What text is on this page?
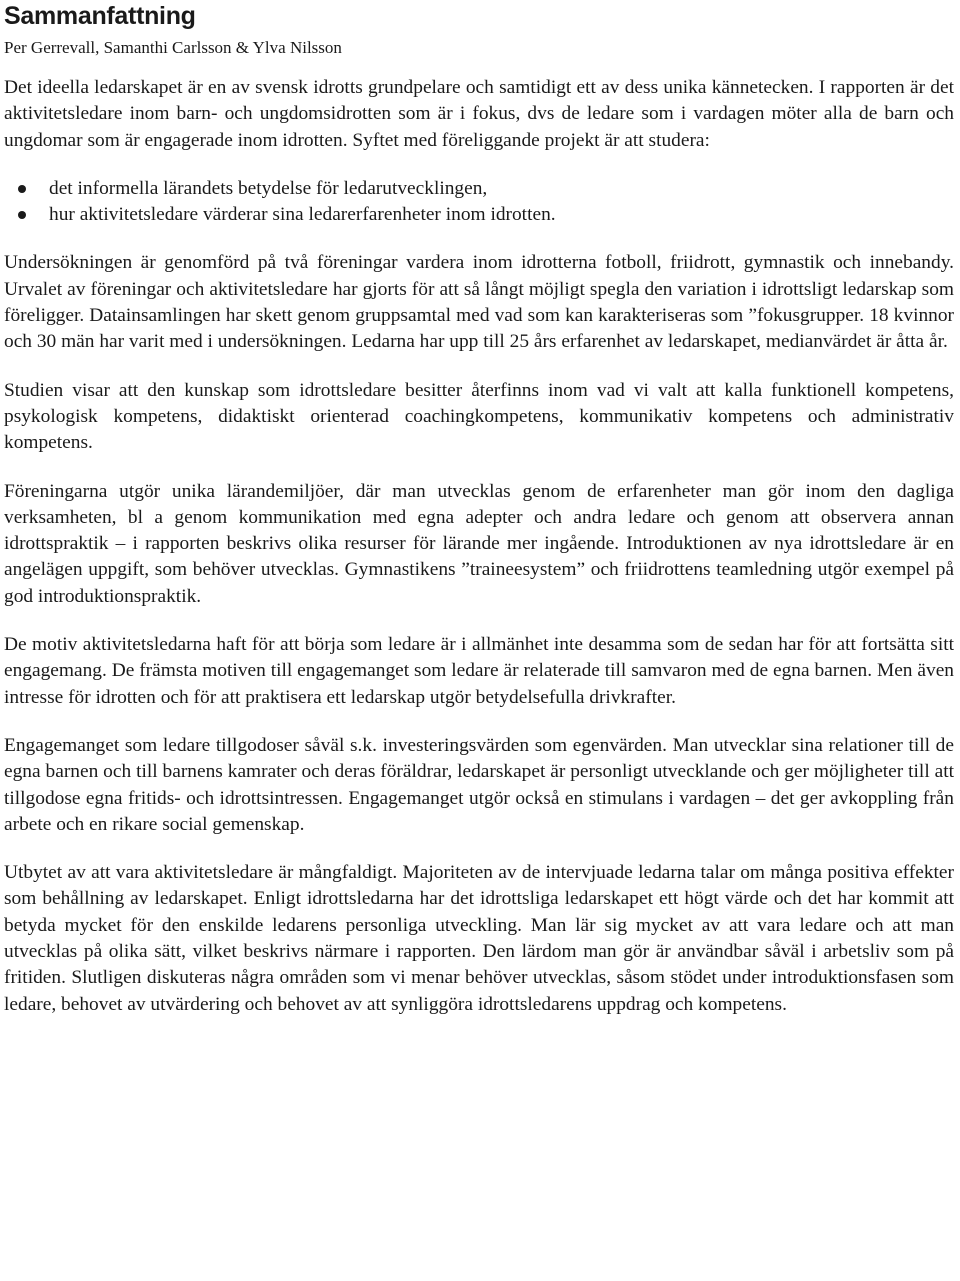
Sammanfattning

Per Gerrevall, Samanthi Carlsson & Ylva Nilsson

Det ideella ledarskapet är en av svensk idrotts grundpelare och samtidigt ett av dess unika kännetecken. I rapporten är det aktivitetsledare inom barn- och ungdomsidrotten som är i fokus, dvs de ledare som i vardagen möter alla de barn och ungdomar som är engagerade inom idrotten. Syftet med föreliggande projekt är att studera:

det informella lärandets betydelse för ledarutvecklingen,
hur aktivitetsledare värderar sina ledarerfarenheter inom idrotten.

Undersökningen är genomförd på två föreningar vardera inom idrotterna fotboll, friidrott, gymnastik och innebandy. Urvalet av föreningar och aktivitetsledare har gjorts för att så långt möjligt spegla den variation i idrottsligt ledarskap som föreligger. Datainsamlingen har skett genom gruppsamtal med vad som kan karakteriseras som ”fokusgrupper. 18 kvinnor och 30 män har varit med i undersökningen. Ledarna har upp till 25 års erfarenhet av ledarskapet, medianvärdet är åtta år.

Studien visar att den kunskap som idrottsledare besitter återfinns inom vad vi valt att kalla funktionell kompetens, psykologisk kompetens, didaktiskt orienterad coachingkompetens, kommunikativ kompetens och administrativ kompetens.

Föreningarna utgör unika lärandemiljöer, där man utvecklas genom de erfarenheter man gör inom den dagliga verksamheten, bl a genom kommunikation med egna adepter och andra ledare och genom att observera annan idrottspraktik – i rapporten beskrivs olika resurser för lärande mer ingående. Introduktionen av nya idrottsledare är en angelägen uppgift, som behöver utvecklas. Gymnastikens ”traineesystem” och friidrottens teamledning utgör exempel på god introduktionspraktik.

De motiv aktivitetsledarna haft för att börja som ledare är i allmänhet inte desamma som de sedan har för att fortsätta sitt engagemang. De främsta motiven till engagemanget som ledare är relaterade till samvaron med de egna barnen. Men även intresse för idrotten och för att praktisera ett ledarskap utgör betydelsefulla drivkrafter.

Engagemanget som ledare tillgodoser såväl s.k. investeringsvärden som egenvärden. Man utvecklar sina relationer till de egna barnen och till barnens kamrater och deras föräldrar, ledarskapet är personligt utvecklande och ger möjligheter till att tillgodose egna fritids- och idrottsintressen. Engagemanget utgör också en stimulans i vardagen – det ger avkoppling från arbete och en rikare social gemenskap.

Utbytet av att vara aktivitetsledare är mångfaldigt. Majoriteten av de intervjuade ledarna talar om många positiva effekter som behållning av ledarskapet. Enligt idrottsledarna har det idrottsliga ledarskapet ett högt värde och det har kommit att betyda mycket för den enskilde ledarens personliga utveckling. Man lär sig mycket av att vara ledare och att man utvecklas på olika sätt, vilket beskrivs närmare i rapporten. Den lärdom man gör är användbar såväl i arbetsliv som på fritiden. Slutligen diskuteras några områden som vi menar behöver utvecklas, såsom stödet under introduktionsfasen som ledare, behovet av utvärdering och behovet av att synliggöra idrottsledarens uppdrag och kompetens.
